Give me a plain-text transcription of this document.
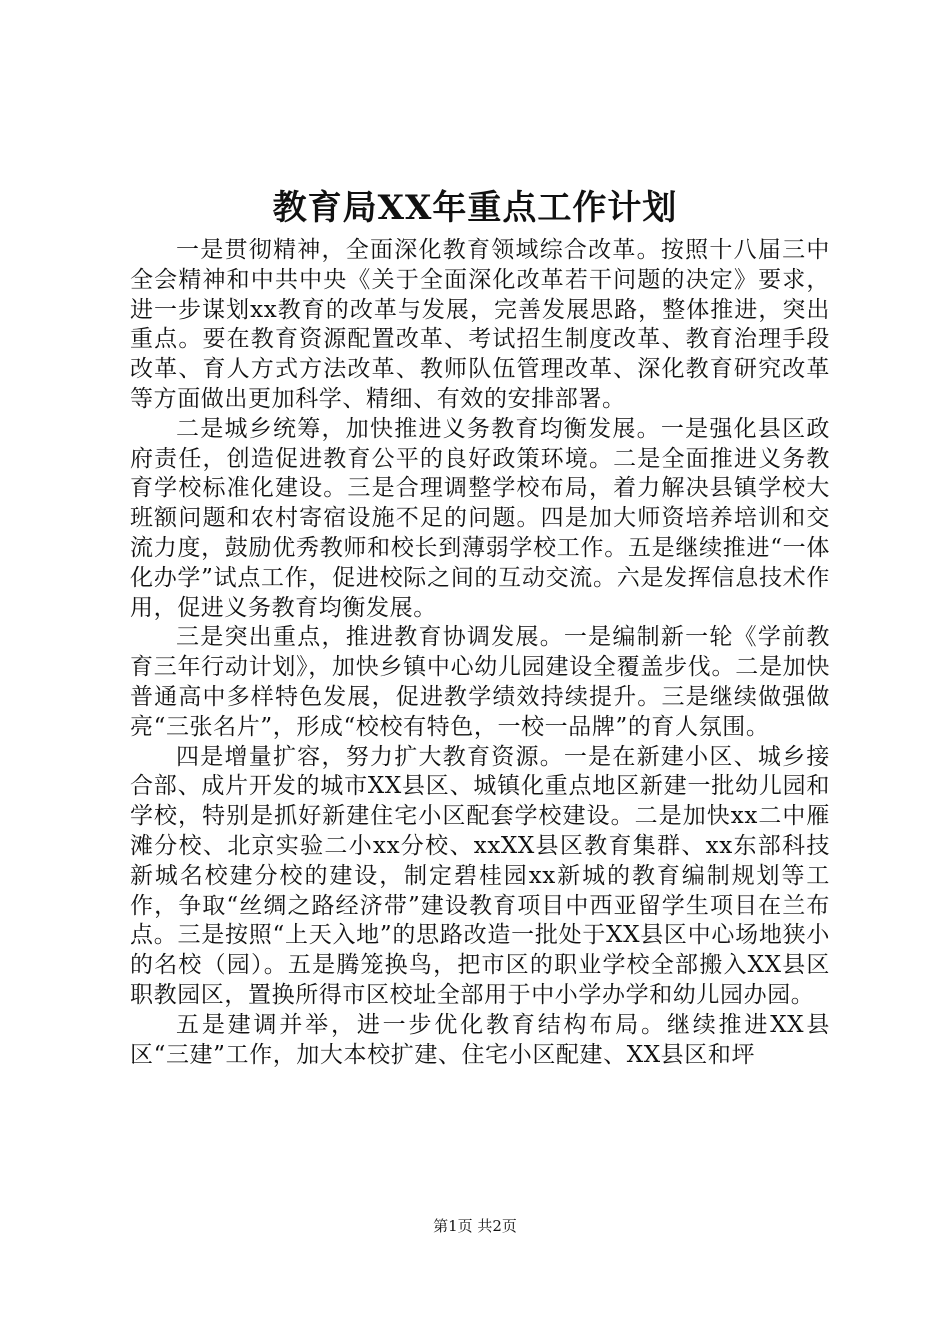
教育局XX年重点工作计划

一是贯彻精神，全面深化教育领域综合改革。按照十八届三中全会精神和中共中央《关于全面深化改革若干问题的决定》要求，进一步谋划xx教育的改革与发展，完善发展思路，整体推进，突出重点。要在教育资源配置改革、考试招生制度改革、教育治理手段改革、育人方式方法改革、教师队伍管理改革、深化教育研究改革等方面做出更加科学、精细、有效的安排部署。

二是城乡统筹，加快推进义务教育均衡发展。一是强化县区政府责任，创造促进教育公平的良好政策环境。二是全面推进义务教育学校标准化建设。三是合理调整学校布局，着力解决县镇学校大班额问题和农村寄宿设施不足的问题。四是加大师资培养培训和交流力度，鼓励优秀教师和校长到薄弱学校工作。五是继续推进“一体化办学”试点工作，促进校际之间的互动交流。六是发挥信息技术作用，促进义务教育均衡发展。

三是突出重点，推进教育协调发展。一是编制新一轮《学前教育三年行动计划》，加快乡镇中心幼儿园建设全覆盖步伐。二是加快普通高中多样特色发展，促进教学绩效持续提升。三是继续做强做亮“三张名片”，形成“校校有特色，一校一品牌”的育人氛围。

四是增量扩容，努力扩大教育资源。一是在新建小区、城乡接合部、成片开发的城市XX县区、城镇化重点地区新建一批幼儿园和学校，特别是抓好新建住宅小区配套学校建设。二是加快xx二中雁滩分校、北京实验二小xx分校、xxXX县区教育集群、xx东部科技新城名校建分校的建设，制定碧桂园xx新城的教育编制规划等工作，争取“丝绸之路经济带”建设教育项目中西亚留学生项目在兰布点。三是按照“上天入地”的思路改造一批处于XX县区中心场地狭小的名校（园）。五是腾笼换鸟，把市区的职业学校全部搬入XX县区职教园区，置换所得市区校址全部用于中小学办学和幼儿园办园。

五是建调并举，进一步优化教育结构布局。继续推进XX县区“三建”工作，加大本校扩建、住宅小区配建、XX县区和坪

第1页 共2页
